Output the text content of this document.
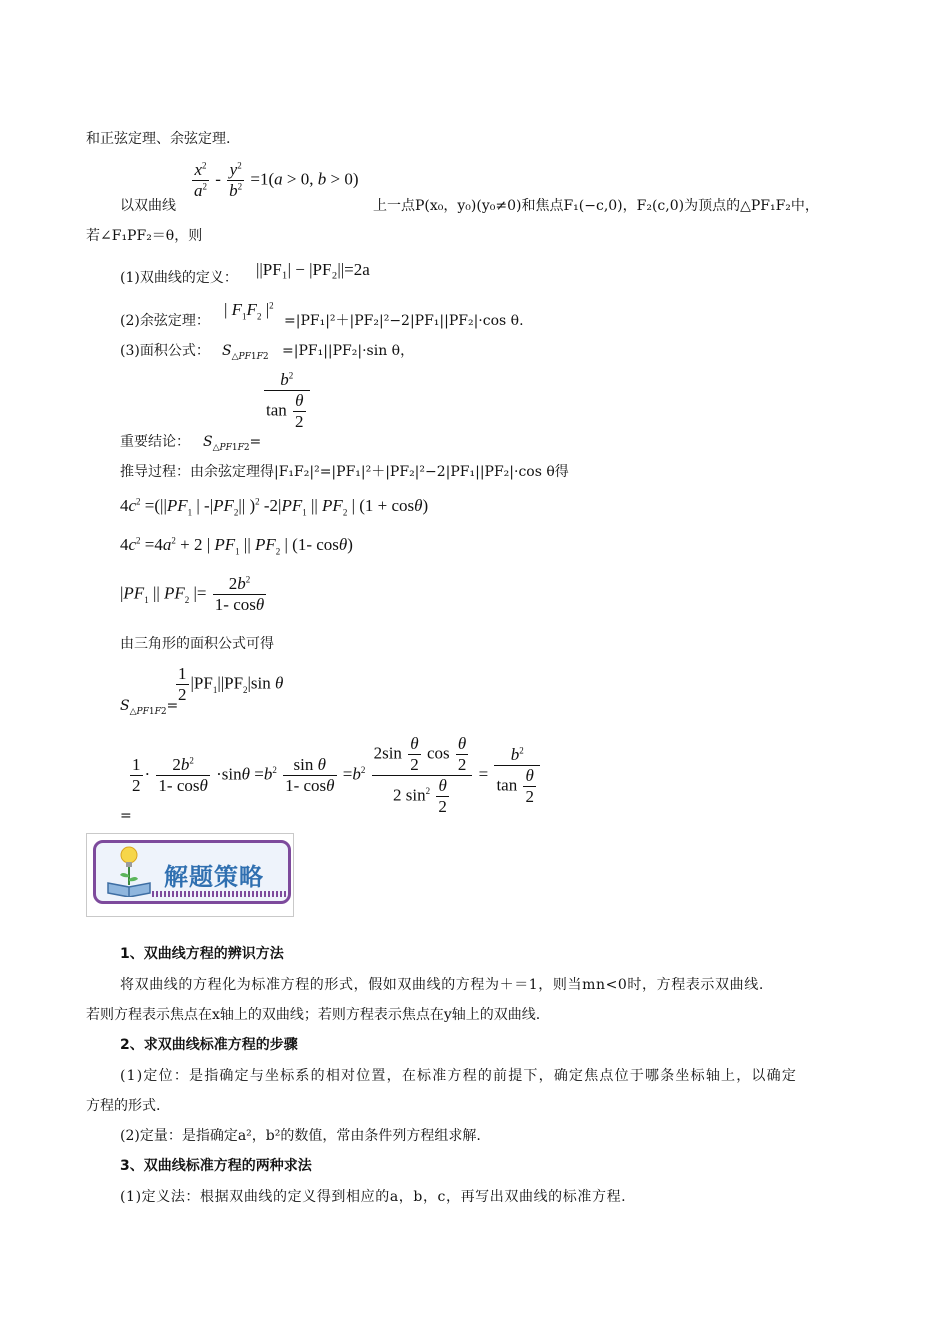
和正弦定理、余弦定理.
$\frac{x^2}{a^2} - \frac{y^2}{b^2} =1(a > 0$, b > 0)
以双曲线	上一点P(x₀，y₀)(y₀≠0)和焦点F₁(−c,0)，F₂(c,0)为顶点的△PF₁F₂中，
若∠F₁PF₂＝θ，则
(1)双曲线的定义： ||PF₁| − |PF₂||=2a
(2)余弦定理：
| $F_1F_2$ $|^2$
=|PF₁|²＋|PF₂|²−2|PF₁||PF₂|·cos θ.
(3)面积公式： $S_{\triangle PF1F2} =|PF_1||PF_2|\cdot\sin$ θ，
$\frac{b^2}{\tan \frac{\theta}{2}}$
重要结论： $S_{\triangle PF1F2}=$
推导过程：由余弦定理得|F₁F₂|²=|PF₁|²＋|PF₂|²−2|PF₁||PF₂|·cos θ得
$4c^2 =(||PF_1$ | $-|PF_2||$ )$^2$ $-2|PF_1$ || $PF_2$ | (1 + cosθ)
$4c^2 =4a^2 + 2$ | $PF_1$ || $PF_2$ | (1- cosθ)
$|PF_1$ || $PF_2$ |= $\frac{2b^2}{1- \cos\theta}$
由三角形的面积公式可得
$\frac{1}{2} |PF_1||PF_2|\sin$ θ
$S_{\triangle PF1F2}=$
$\frac{1}{2} \cdot \frac{2b^2}{1- \cos\theta} \cdot\sin\theta =b^2 \frac{\text{sin θ}}{1- \cos\theta} =b^2 \frac{2\sin \frac{\theta}{2} \cos \frac{\theta}{2}}{2 \sin^2 \frac{\theta}{2}} = \frac{b^2}{\tan \frac{\theta}{2}}$
=
解题策略
1、双曲线方程的辨识方法
将双曲线的方程化为标准方程的形式，假如双曲线的方程为＋＝1，则当mn<0时，方程表示双曲线.
若则方程表示焦点在x轴上的双曲线；若则方程表示焦点在y轴上的双曲线.
2、求双曲线标准方程的步骤
(1)定位：是指确定与坐标系的相对位置，在标准方程的前提下，确定焦点位于哪条坐标轴上，以确定
方程的形式.
(2)定量：是指确定a²，b²的数值，常由条件列方程组求解.
3、双曲线标准方程的两种求法
(1)定义法：根据双曲线的定义得到相应的a，b，c，再写出双曲线的标准方程.
